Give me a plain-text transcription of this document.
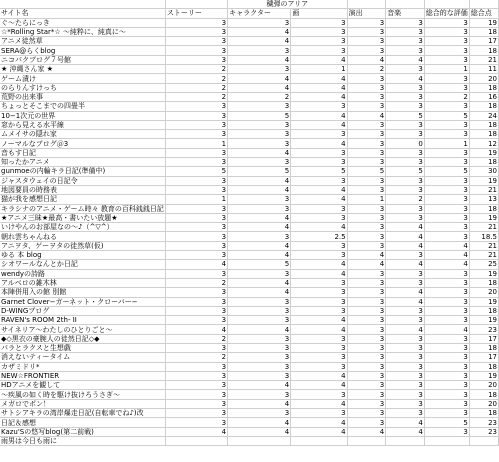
		穢弾のアリア					
サイト名	ストーリー	キャラクター	画	演出	音楽	総合的な評価	総合点
ぐ〜たらにっき	3	3	3	3	3	3	19
☆*Rolling Star*☆ 〜純粋に、純真に〜	3	4	3	3	3	3	18
アニメ徒然草	3	4	3	3	3	3	17
SERA@らくblog	3	3	3	3	3	3	18
ニコパクブログ７号館	3	4	4	4	4	3	21
★ 沖縄さん家 ★	2	3	1	2	3	1	11
ゲーム漬け	2	4	4	3	4	3	20
のらりんすけっち	2	4	4	3	3	3	18
荒野の出来事	2	2	4	3	3	2	16
ちょっとそこまでの四畳半	3	3	3	3	3	3	18
10−1次元の世界	3	5	4	4	5	5	24
窓から見える水平線	3	3	4	3	3	3	18
ムメイサの隠れ家	3	3	3	3	3	3	18
ノーマルなブログ＠3	1	3	4	3	0	1	12
音もす日記	3	4	3	3	3	3	19
知ったかアニメ	3	3	3	3	3	3	18
gunmoeの内輪キラ日記(準備中)	5	5	5	5	5	5	30
ジャスタウェイの日記令	3	4	3	3	3	3	19
地図要員の時務表	3	4	4	3	3	3	21
猫が我を感想日記	1	3	4	1	2	3	13
キラシナのアニメ・ゲーム時々 教育の百科銭銭日記	3	3	3	3	3	3	18
★アニメ三昧★最高・書いたい放題★	3	4	3	3	3	3	19
いけやんのお部屋なの〜♪（^▽^）	3	4	4	3	4	3	21
朝れ雲ちゃんねる	3	3	2.5	3	4	3	18.5
アニヲタ、ゲーヲタの徒然草(仮)	3	4	3	3	4	4	21
ゆる 本 blog	3	4	3	4	3	4	21
シオワールなんとか日記	4	5	4	4	4	4	25
wendyの詩路	3	3	4	3	3	3	19
アルベロの雑木林	2	4	3	3	3	3	18
本陣併用入の館 別館	3	4	3	3	4	3	20
Garnet Clover−ガーネット・クローバー−	3	3	3	3	4	3	19
D-WINGブログ	3	3	3	3	3	3	18
RAVEN's ROOM 2th- II	3	3	4	3	3	3	19
サイネリア〜わたしのひとりごと〜	4	4	4	3	4	4	23
◆◇黒衣の豪腕人の徒然日記◇◆	2	3	3	3	3	3	17
パラとラクスと生想戯	3	3	3	3	3	3	18
消えないティータイム	2	3	3	3	3	3	17
カザミドリ*	3	3	3	3	3	3	18
NEW☆FRONTIER	3	3	4	3	3	3	19
HDアニメを観して	3	4	4	3	3	3	20
〜疾風の如く時を駆け抜けろうさぎ〜	3	3	3	3	3	3	18
メガロでポン！	3	4	4	3	3	3	20
サトシアキラの湾岸爆走日記(自転車でね♪)改	3	3	3	3	3	3	18
日記＆感想	3	4	4	3	4	5	23
Kazu'Sの悠写blog(第二前戦)	4	4	4	4	4	3	23
雨男は今日も雨に							
